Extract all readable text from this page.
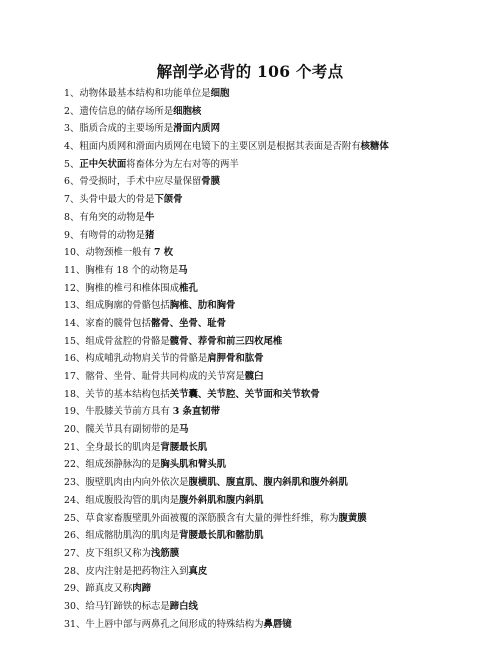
解剖学必背的 106 个考点
1、动物体最基本结构和功能单位是细胞
2、遗传信息的储存场所是细胞核
3、脂质合成的主要场所是滑面内质网
4、粗面内质网和滑面内质网在电镜下的主要区别是根据其表面是否附有核糖体
5、正中矢状面将畜体分为左右对等的两半
6、骨受损时，手术中应尽量保留骨膜
7、头骨中最大的骨是下颌骨
8、有角突的动物是牛
9、有吻骨的动物是猪
10、动物颈椎一般有 7 枚
11、胸椎有 18 个的动物是马
12、胸椎的椎弓和椎体围成椎孔
13、组成胸廓的骨骼包括胸椎、肋和胸骨
14、家畜的髋骨包括髂骨、坐骨、耻骨
15、组成骨盆腔的骨骼是髋骨、荐骨和前三四枚尾椎
16、构成哺乳动物肩关节的骨骼是肩胛骨和肱骨
17、髂骨、坐骨、耻骨共同构成的关节窝是髋臼
18、关节的基本结构包括关节囊、关节腔、关节面和关节软骨
19、牛股膝关节前方具有 3 条直韧带
20、髋关节具有副韧带的是马
21、全身最长的肌肉是背腰最长肌
22、组成颈静脉沟的是胸头肌和臂头肌
23、腹壁肌肉由内向外依次是腹横肌、腹直肌、腹内斜肌和腹外斜肌
24、组成腹股沟管的肌肉是腹外斜肌和腹内斜肌
25、草食家畜腹壁肌外面被覆的深筋膜含有大量的弹性纤维，称为腹黄膜
26、组成髂肋肌沟的肌肉是背腰最长肌和髂肋肌
27、皮下组织又称为浅筋膜
28、皮内注射是把药物注入到真皮
29、蹄真皮又称肉蹄
30、给马钉蹄铁的标志是蹄白线
31、牛上唇中部与两鼻孔之间形成的特殊结构为鼻唇镜
